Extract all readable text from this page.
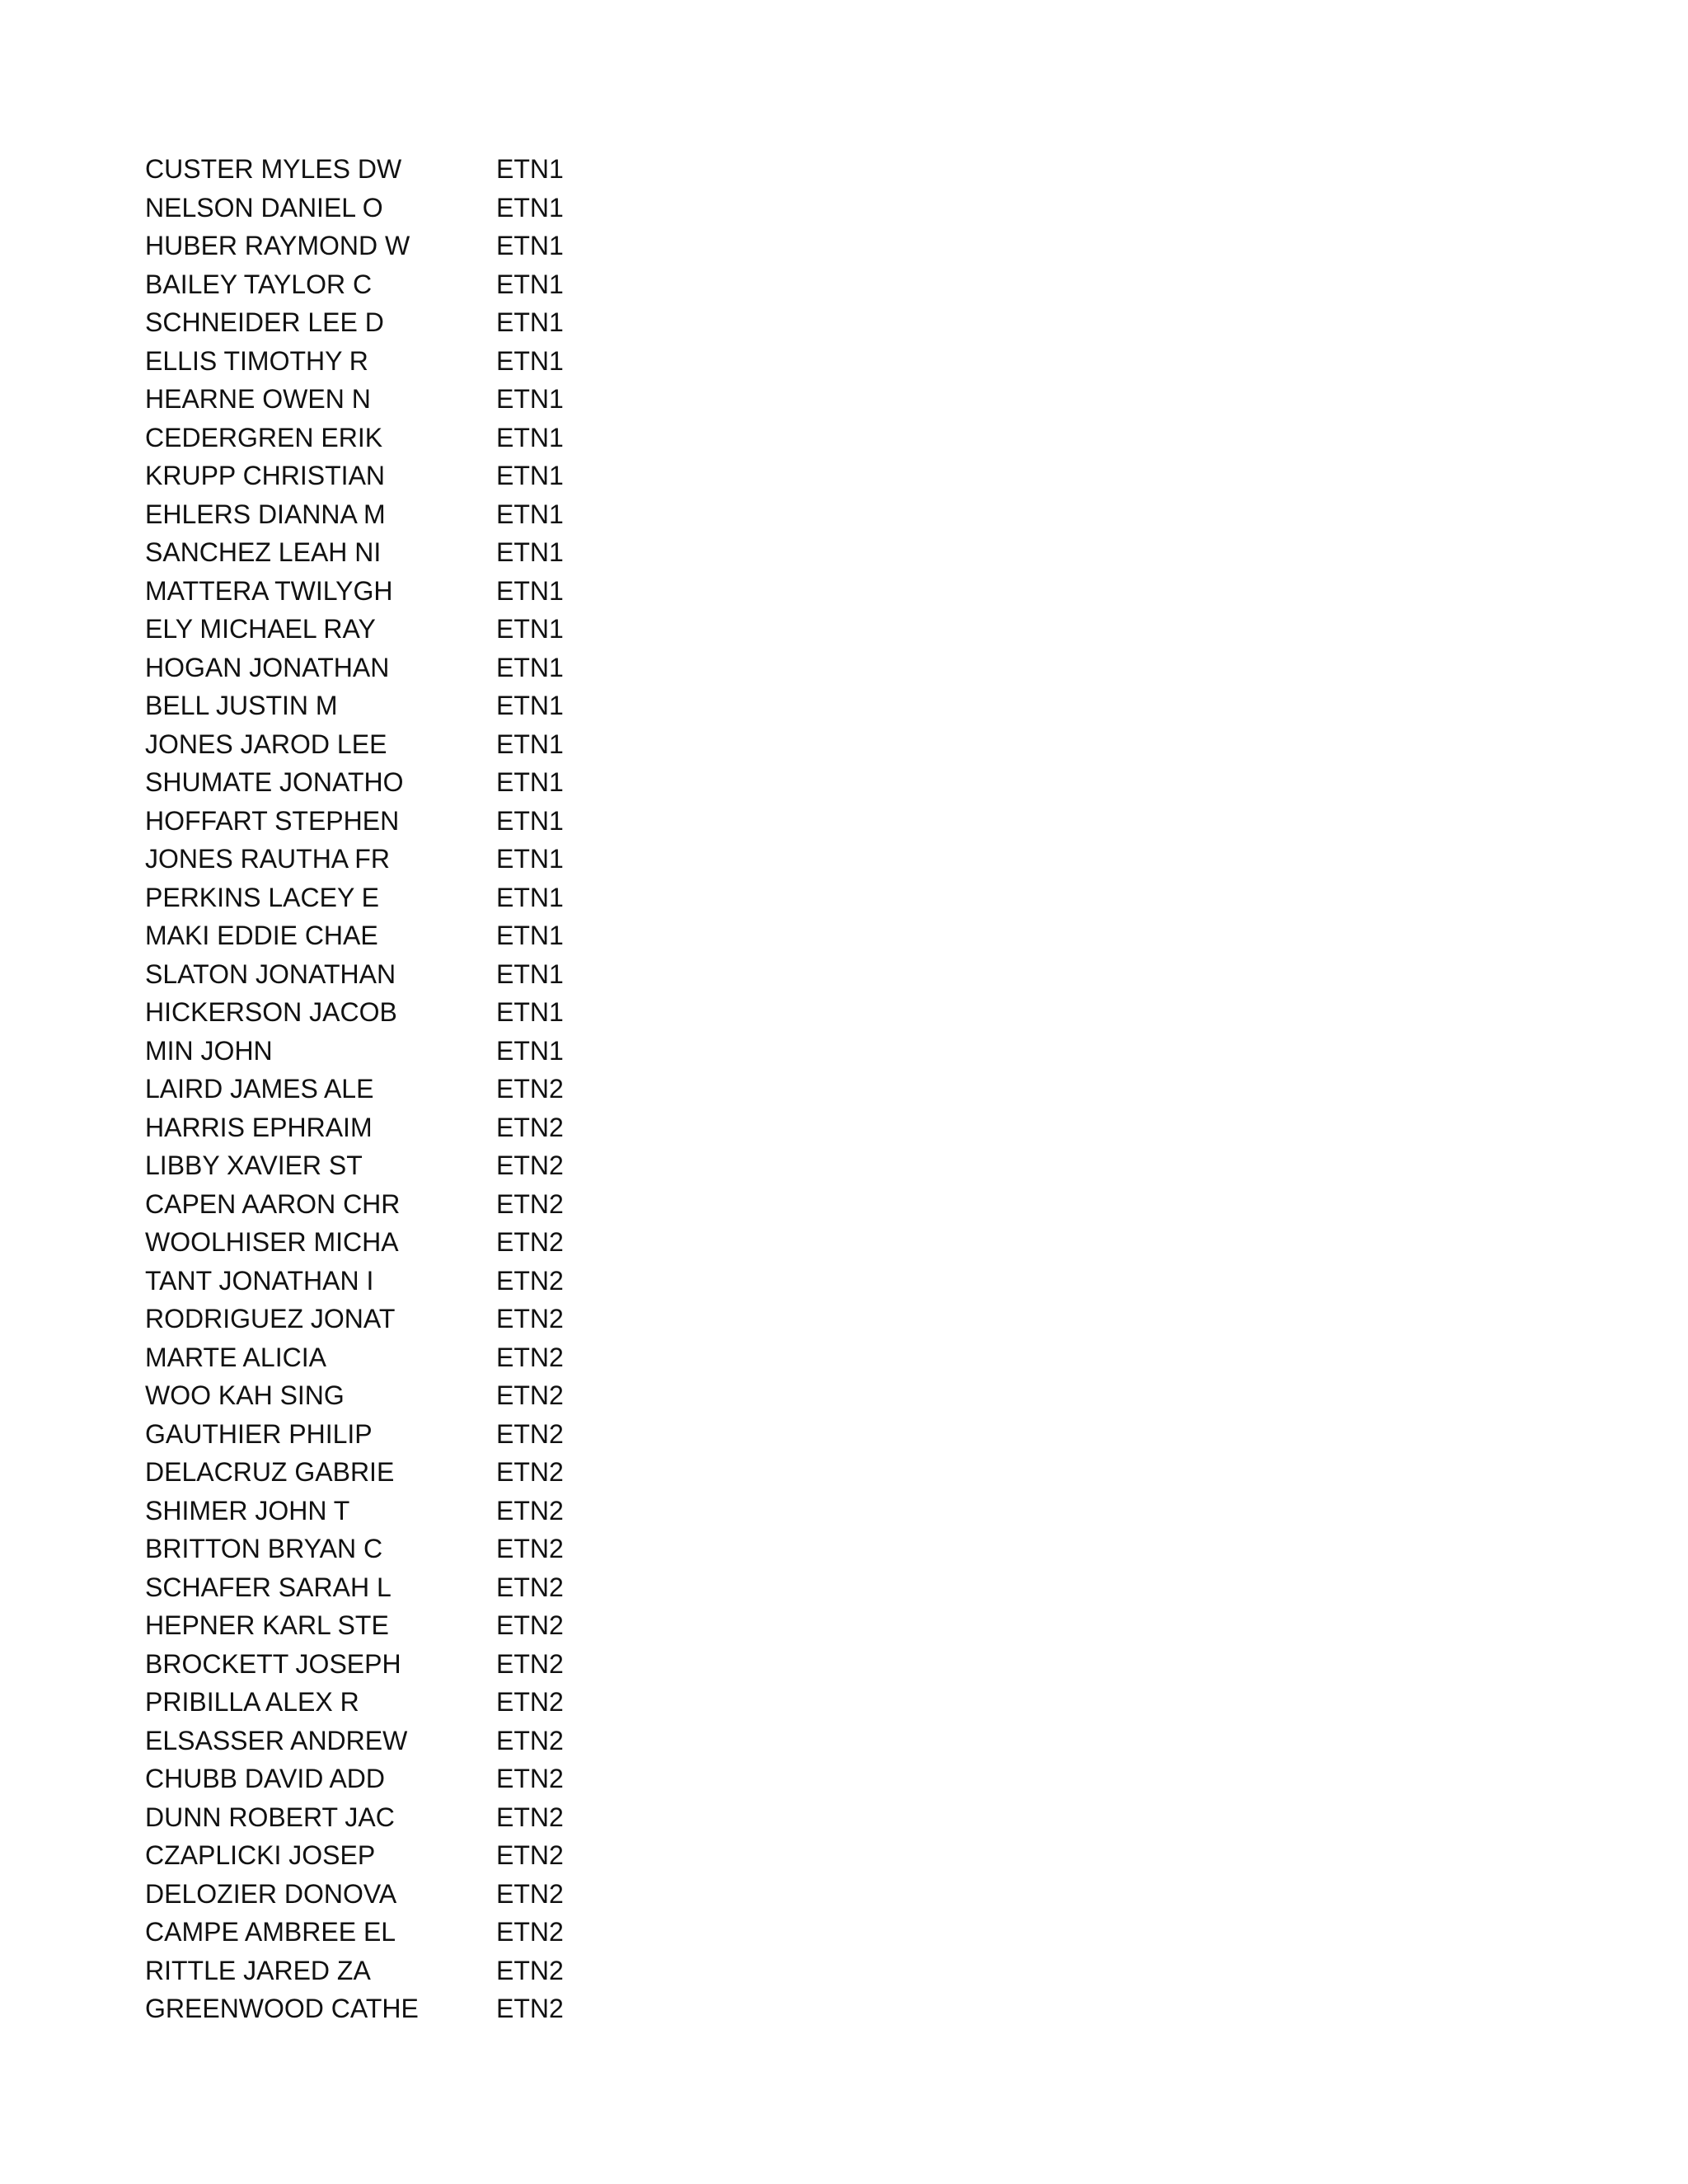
CUSTER MYLES DW	ETN1
NELSON DANIEL O	ETN1
HUBER RAYMOND W	ETN1
BAILEY TAYLOR C	ETN1
SCHNEIDER LEE D	ETN1
ELLIS TIMOTHY R	ETN1
HEARNE OWEN N	ETN1
CEDERGREN ERIK	ETN1
KRUPP CHRISTIAN	ETN1
EHLERS DIANNA M	ETN1
SANCHEZ LEAH NI	ETN1
MATTERA TWILYGH	ETN1
ELY MICHAEL RAY	ETN1
HOGAN JONATHAN	ETN1
BELL JUSTIN M	ETN1
JONES JAROD LEE	ETN1
SHUMATE JONATHO	ETN1
HOFFART STEPHEN	ETN1
JONES RAUTHA FR	ETN1
PERKINS LACEY E	ETN1
MAKI EDDIE CHAE	ETN1
SLATON JONATHAN	ETN1
HICKERSON JACOB	ETN1
MIN JOHN	ETN1
LAIRD JAMES ALE	ETN2
HARRIS EPHRAIM	ETN2
LIBBY XAVIER ST	ETN2
CAPEN AARON CHR	ETN2
WOOLHISER MICHA	ETN2
TANT JONATHAN I	ETN2
RODRIGUEZ JONAT	ETN2
MARTE ALICIA	ETN2
WOO KAH SING	ETN2
GAUTHIER PHILIP	ETN2
DELACRUZ GABRIE	ETN2
SHIMER JOHN T	ETN2
BRITTON BRYAN C	ETN2
SCHAFER SARAH L	ETN2
HEPNER KARL STE	ETN2
BROCKETT JOSEPH	ETN2
PRIBILLA ALEX R	ETN2
ELSASSER ANDREW	ETN2
CHUBB DAVID ADD	ETN2
DUNN ROBERT JAC	ETN2
CZAPLICKI JOSEP	ETN2
DELOZIER DONOVA	ETN2
CAMPE AMBREE EL	ETN2
RITTLE JARED ZA	ETN2
GREENWOOD CATHE	ETN2
